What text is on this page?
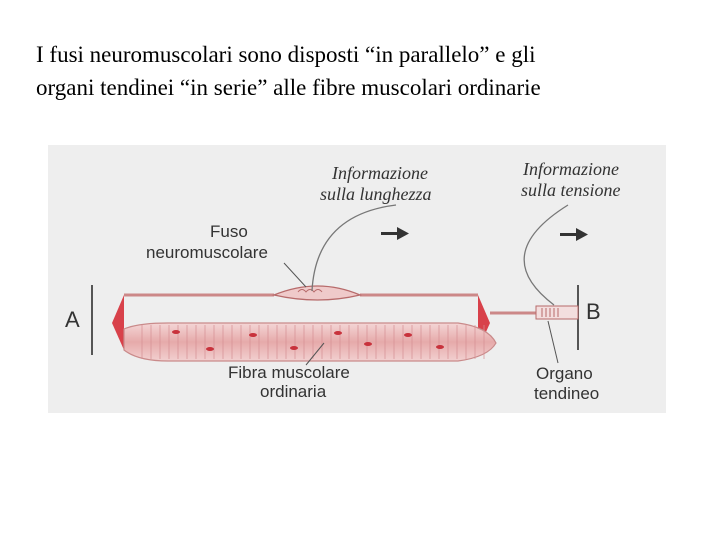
I fusi neuromuscolari sono disposti “in parallelo” e gli
organi tendinei “in serie” alle fibre muscolari ordinarie
Informazione
sulla lunghezza
Informazione
sulla tensione
Fuso
neuromuscolare
Fibra muscolare
ordinaria
Organo
tendineo
A	B
